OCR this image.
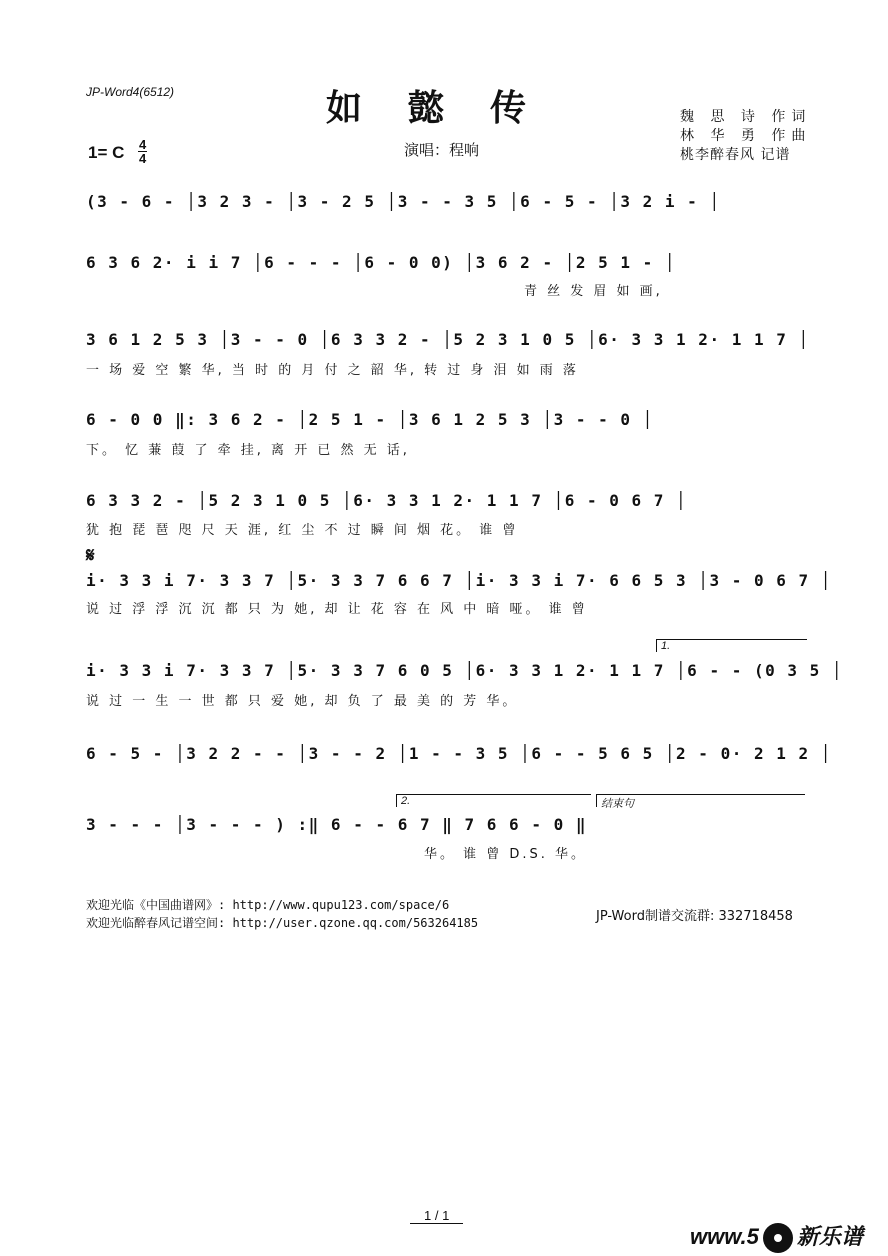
JP-Word4(6512)	如懿传
1= C $\frac{4}{4}$	演唱：程响
魏 思 诗 作词
林 华 勇 作曲
桃李醉春风 记谱
(3 - 6 - │3 2 3 - │3 - 2 5 │3 - - 3 5 │6 - 5 - │3 2 i - │
6 3 6 2· i i 7 │6 - - - │6 - 0 0) │3 6 2 - │2 5 1 - │
青 丝 发 眉 如 画,
3 6 1 2 5 3 │3 - - 0 │6 3 3 2 - │5 2 3 1 0 5 │6· 3 3 1 2· 1 1 7 │
一 场 爱 空 繁 华, 当 时 的 月 付 之 韶 华, 转 过 身 泪 如 雨 落
6 - 0 0 ‖: 3 6 2 - │2 5 1 - │3 6 1 2 5 3 │3 - - 0 │
下。 忆 蒹 葭 了 牵 挂, 离 开 已 然 无 话,
6 3 3 2 - │5 2 3 1 0 5 │6· 3 3 1 2· 1 1 7 │6 - 0 6 7 │
犹 抱 琵 琶 咫 尺 天 涯, 红 尘 不 过 瞬 间 烟 花。 谁 曾
𝄋
i· 3 3 i 7· 3 3 7 │5· 3 3 7 6 6 7 │i· 3 3 i 7· 6 6 5 3 │3 - 0 6 7 │
说 过 浮 浮 沉 沉 都 只 为 她, 却 让 花 容 在 风 中 暗 哑。 谁 曾
1.
i· 3 3 i 7· 3 3 7 │5· 3 3 7 6 0 5 │6· 3 3 1 2· 1 1 7 │6 - - (0 3 5 │
说 过 一 生 一 世 都 只 爱 她, 却 负 了 最 美 的 芳 华。
6 - 5 - │3 2 2 - - │3 - - 2 │1 - - 3 5 │6 - - 5 6 5 │2 - 0· 2 1 2 │
2.	结束句
3 - - - │3 - - - ) :‖ 6 - - 6 7 ‖ 7 6 6 - 0 ‖
华。 谁 曾 D.S. 华。
欢迎光临《中国曲谱网》: http://www.qupu123.com/space/6
欢迎光临醉春风记谱空间: http://user.qzone.qq.com/563264185	JP-Word制谱交流群: 332718458
1 / 1
www.5 新乐谱
